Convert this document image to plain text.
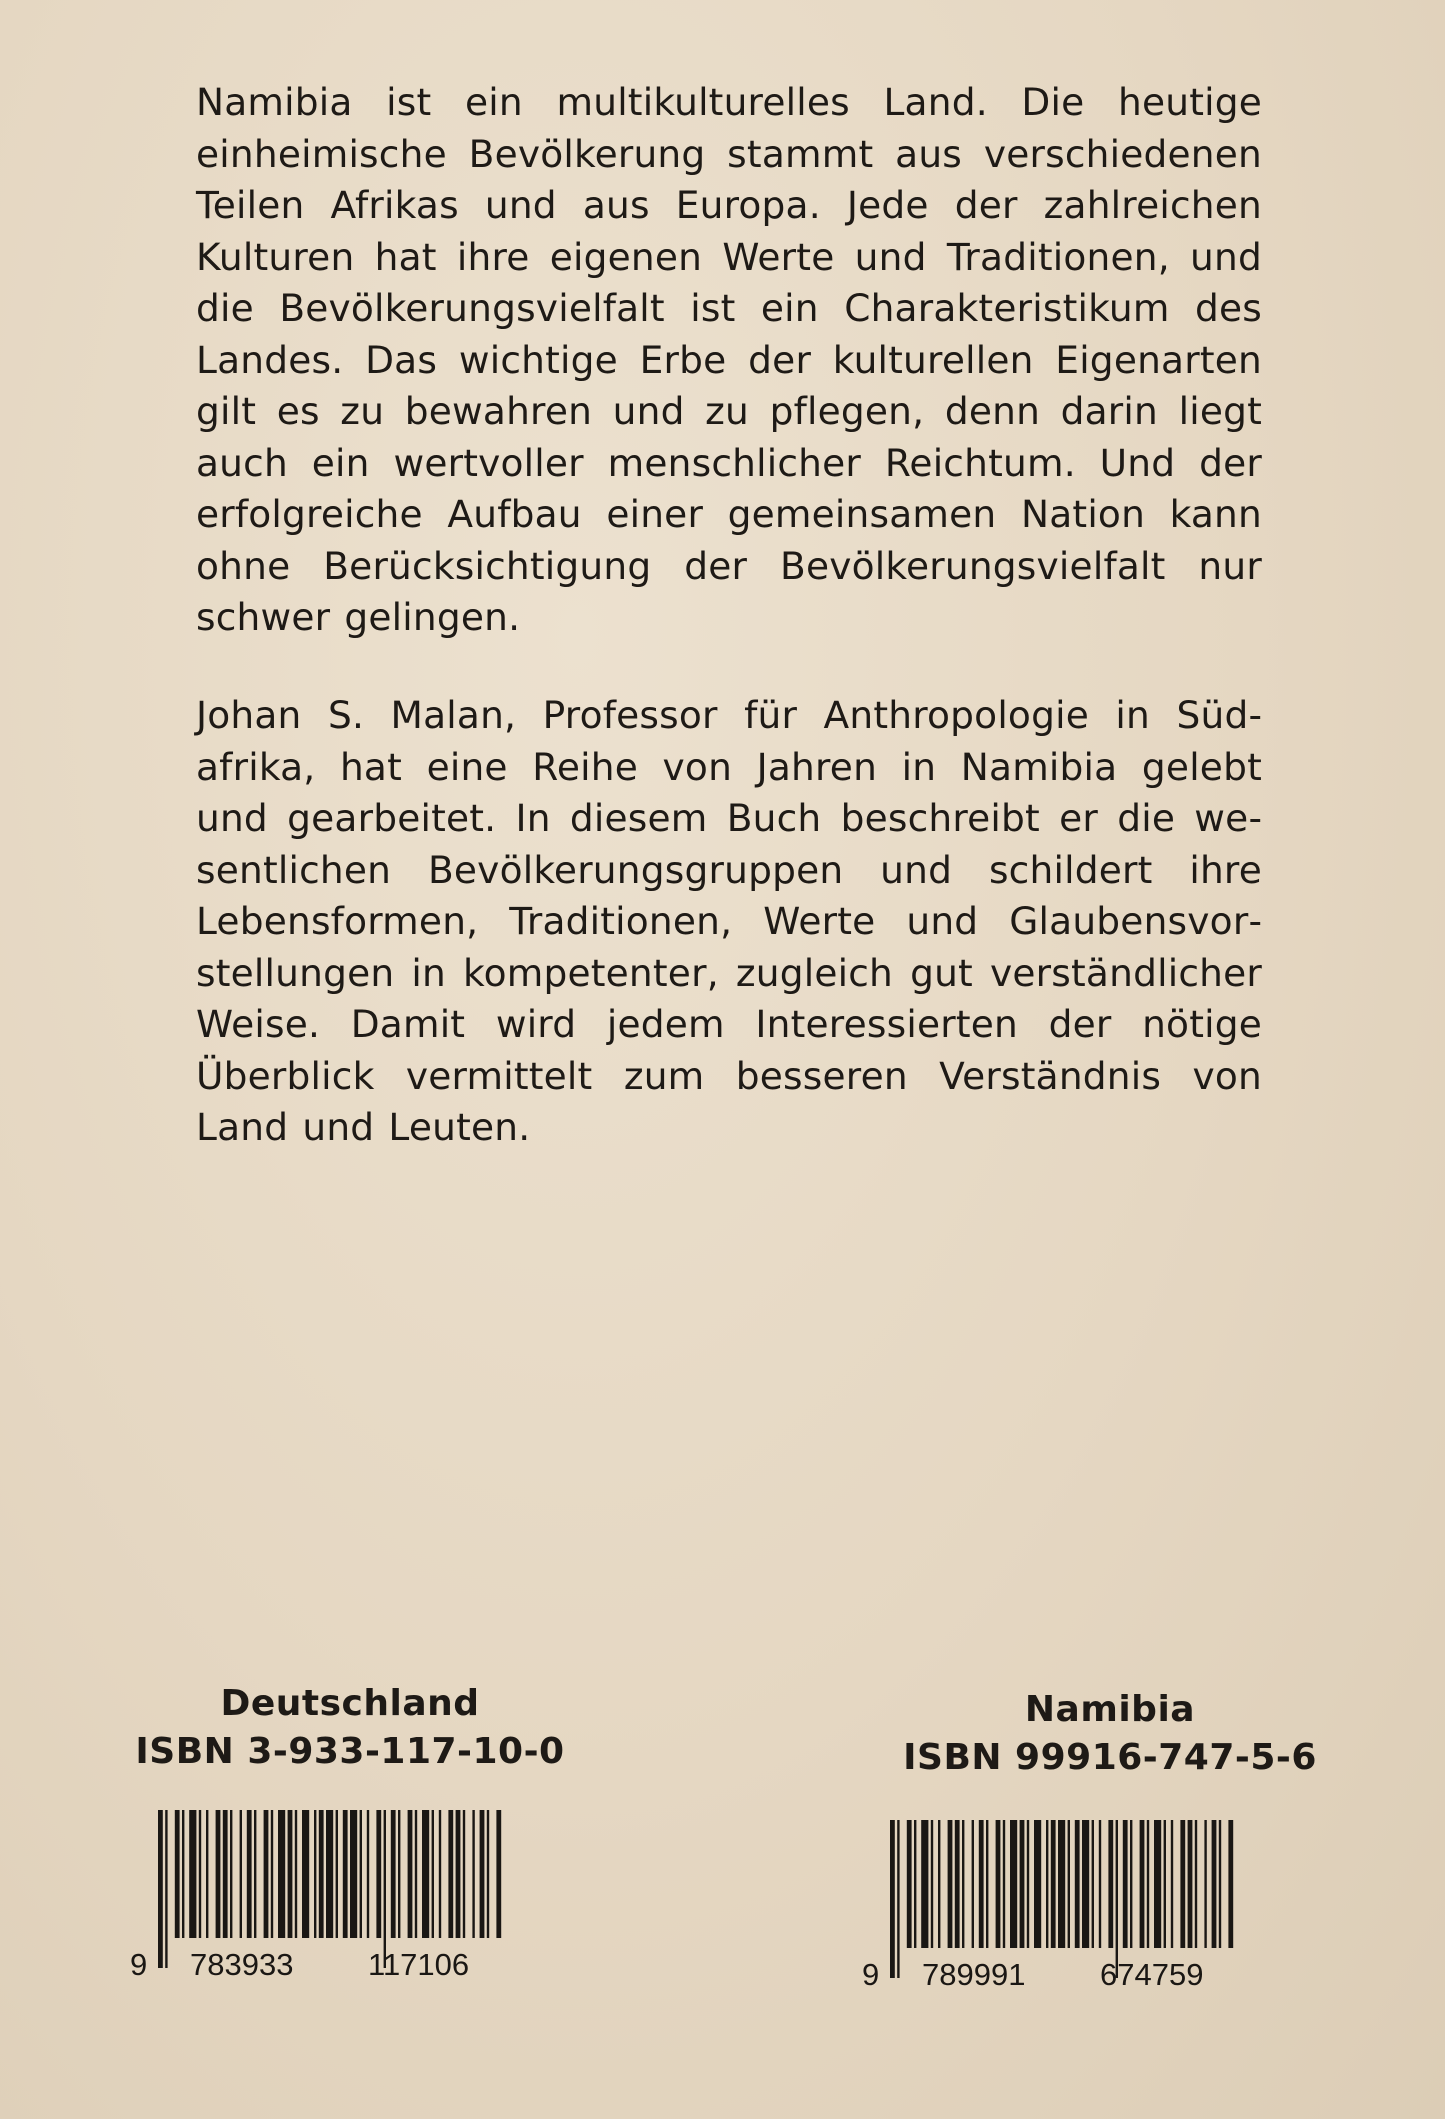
Namibia ist ein multikulturelles Land. Die heutige einheimische Bevölkerung stammt aus verschiedenen Teilen Afrikas und aus Europa. Jede der zahlreichen Kulturen hat ihre eigenen Werte und Traditionen, und die Bevölkerungsvielfalt ist ein Charakteristikum des Landes. Das wichtige Erbe der kulturellen Eigenarten gilt es zu bewahren und zu pflegen, denn darin liegt auch ein wertvoller menschlicher Reichtum. Und der erfolgreiche Aufbau einer gemeinsamen Nation kann ohne Berücksichtigung der Bevölkerungsvielfalt nur schwer gelingen.

Johan S. Malan, Professor für Anthropologie in Südafrika, hat eine Reihe von Jahren in Namibia gelebt und gearbeitet. In diesem Buch beschreibt er die wesentlichen Bevölkerungsgruppen und schildert ihre Lebensformen, Traditionen, Werte und Glaubensvorstellungen in kompetenter, zugleich gut verständlicher Weise. Damit wird jedem Interessierten der nötige Überblick vermittelt zum besseren Verständnis von Land und Leuten.

Deutschland
ISBN 3-933-117-10-0
Namibia
ISBN 99916-747-5-6
9 783933 117106	9 789991 674759
